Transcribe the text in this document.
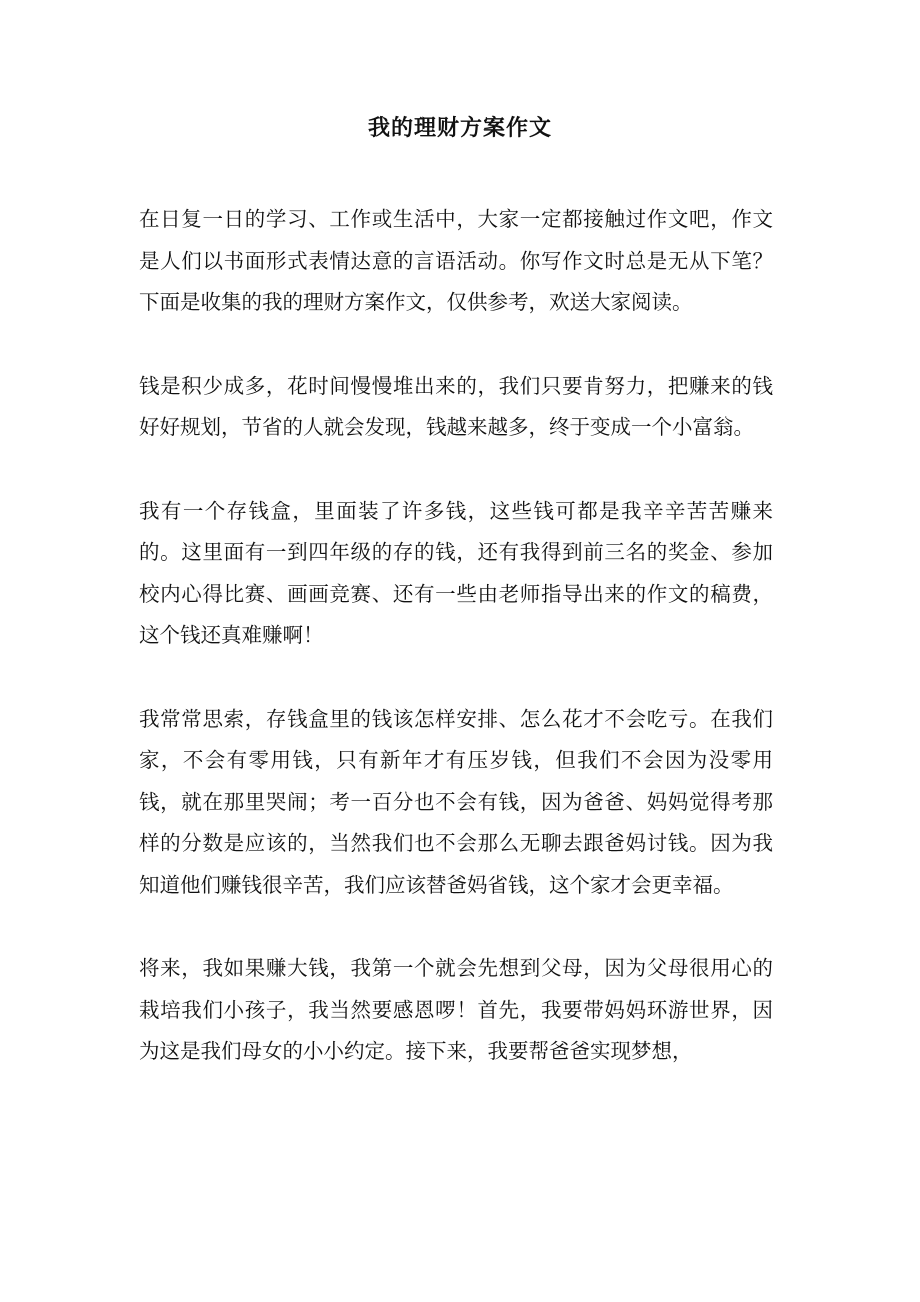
我的理财方案作文

在日复一日的学习、工作或生活中，大家一定都接触过作文吧，作文是人们以书面形式表情达意的言语活动。你写作文时总是无从下笔？下面是收集的我的理财方案作文，仅供参考，欢送大家阅读。

钱是积少成多，花时间慢慢堆出来的，我们只要肯努力，把赚来的钱好好规划，节省的人就会发现，钱越来越多，终于变成一个小富翁。

我有一个存钱盒，里面装了许多钱，这些钱可都是我辛辛苦苦赚来的。这里面有一到四年级的存的钱，还有我得到前三名的奖金、参加校内心得比赛、画画竞赛、还有一些由老师指导出来的作文的稿费，这个钱还真难赚啊！

我常常思索，存钱盒里的钱该怎样安排、怎么花才不会吃亏。在我们家，不会有零用钱，只有新年才有压岁钱，但我们不会因为没零用钱，就在那里哭闹；考一百分也不会有钱，因为爸爸、妈妈觉得考那样的分数是应该的，当然我们也不会那么无聊去跟爸妈讨钱。因为我知道他们赚钱很辛苦，我们应该替爸妈省钱，这个家才会更幸福。

将来，我如果赚大钱，我第一个就会先想到父母，因为父母很用心的栽培我们小孩子，我当然要感恩啰！首先，我要带妈妈环游世界，因为这是我们母女的小小约定。接下来，我要帮爸爸实现梦想，
